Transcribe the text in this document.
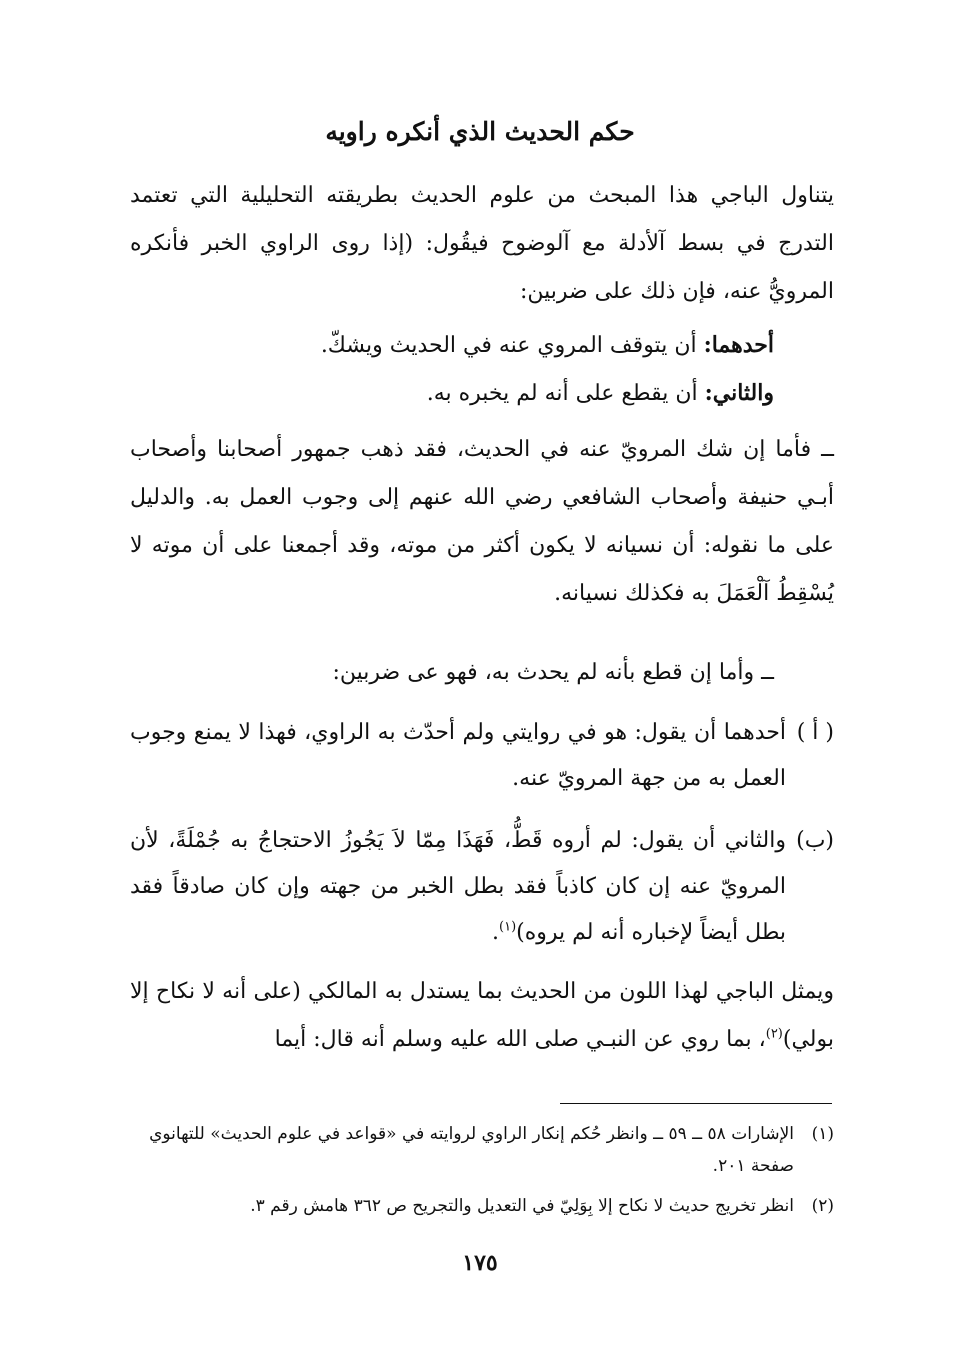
حكم الحديث الذي أنكره راويه
يتناول الباجي هذا المبحث من علوم الحديث بطريقته التحليلية التي تعتمد التدرج في بسط آلأدلة مع آلوضوح فيقُول: (إذا روى الراوي الخبر فأنكره المرويُّ عنه، فإن ذلك على ضربين:
أحدهما: أن يتوقف المروي عنه في الحديث ويشكّ.
والثاني: أن يقطع على أنه لم يخبره به.
ــ فأما إن شك المرويّ عنه في الحديث، فقد ذهب جمهور أصحابنا وأصحاب أبـي حنيفة وأصحاب الشافعي رضي الله عنهم إلى وجوب العمل به. والدليل على ما نقوله: أن نسيانه لا يكون أكثر من موته، وقد أجمعنا على أن موته لا يُسْقِطُ آلْعَمَلَ به فكذلك نسيانه.
ــ وأما إن قطع بأنه لم يحدث به، فهو عى ضربين:
( أ )
أحدهما أن يقول: هو في روايتي ولم أحدّث به الراوي، فهذا لا يمنع وجوب العمل به من جهة المرويّ عنه.
(ب)
والثاني أن يقول: لم أروه قَطُّ، فَهَذَا مِمّا لاَ يَجُوزُ الاحتجاجُ به جُمْلَةً، لأن المرويّ عنه إن كان كاذباً فقد بطل الخبر من جهته وإن كان صادقاً فقد بطل أيضاً لإخباره أنه لم يروه)$^{(١)}$.
ويمثل الباجي لهذا اللون من الحديث بما يستدل به المالكي (على أنه لا نكاح إلا بولي)$^{(٢)}$، بما روي عن النبـي صلى الله عليه وسلم أنه قال: أيما
(١)
الإشارات ٥٨ ــ ٥٩ ــ وانظر حُكم إنكار الراوي لروايته في «قواعد في علوم الحديث» للتهانوي صفحة ٢٠١.
(٢)
انظر تخريج حديث لا نكاح إلا بِوَلِيّ في التعديل والتجريح ص ٣٦٢ هامش رقم ٣.
١٧٥
